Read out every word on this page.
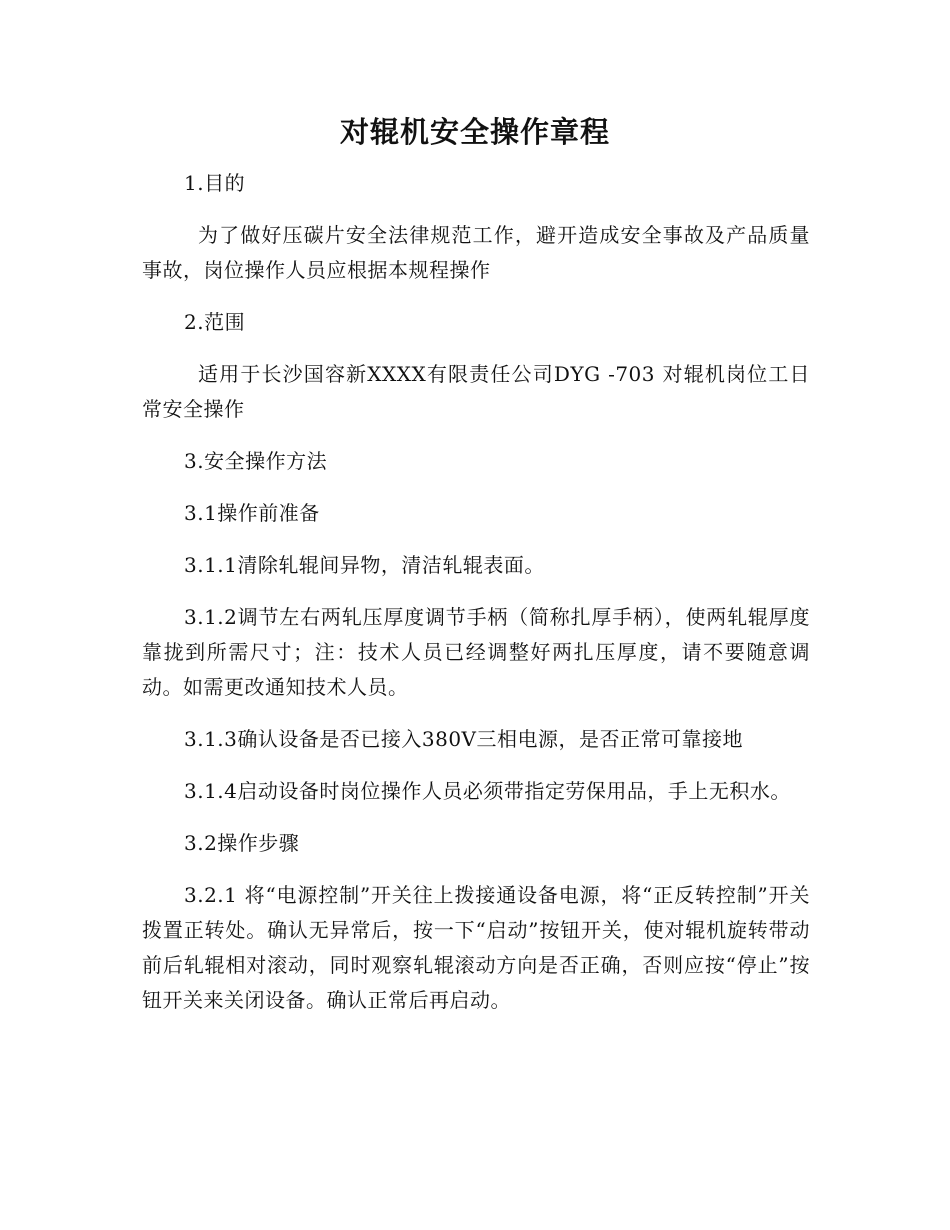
对辊机安全操作章程

1.目的

为了做好压碳片安全法律规范工作，避开造成安全事故及产品质量事故，岗位操作人员应根据本规程操作

2.范围

适用于长沙国容新XXXX有限责任公司DYG -703 对辊机岗位工日常安全操作

3.安全操作方法

3.1操作前准备

3.1.1清除轧辊间异物，清洁轧辊表面。

3.1.2调节左右两轧压厚度调节手柄（简称扎厚手柄），使两轧辊厚度靠拢到所需尺寸；注：技术人员已经调整好两扎压厚度，请不要随意调动。如需更改通知技术人员。

3.1.3确认设备是否已接入380V三相电源，是否正常可靠接地

3.1.4启动设备时岗位操作人员必须带指定劳保用品，手上无积水。

3.2操作步骤

3.2.1 将“电源控制”开关往上拨接通设备电源，将“正反转控制”开关拨置正转处。确认无异常后，按一下“启动”按钮开关，使对辊机旋转带动前后轧辊相对滚动，同时观察轧辊滚动方向是否正确，否则应按“停止”按钮开关来关闭设备。确认正常后再启动。
